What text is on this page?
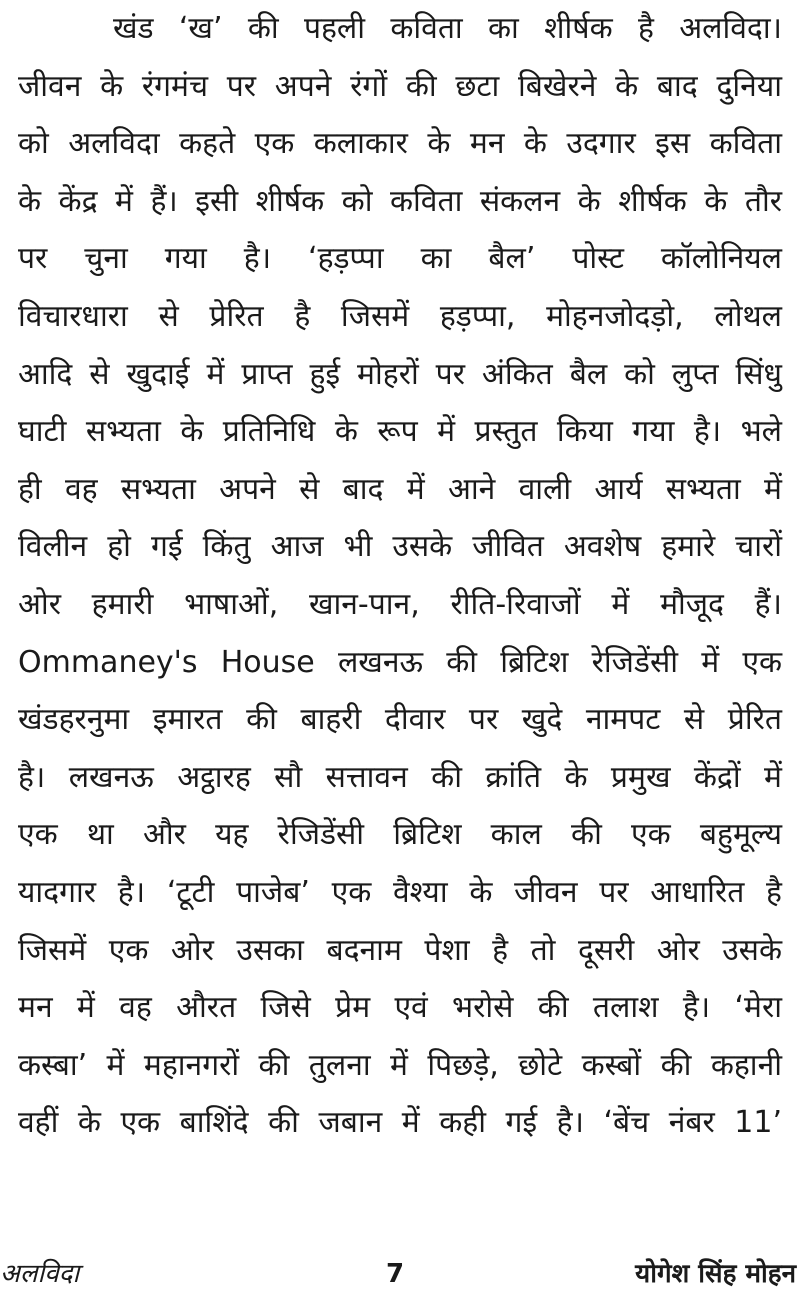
खंड ‘ख’ की पहली कविता का शीर्षक है अलविदा।
जीवन के रंगमंच पर अपने रंगों की छटा बिखेरने के बाद दुनिया
को अलविदा कहते एक कलाकार के मन के उदगार इस कविता
के केंद्र में हैं। इसी शीर्षक को कविता संकलन के शीर्षक के तौर
पर चुना गया है। ‘हड़प्पा का बैल’ पोस्ट कॉलोनियल
विचारधारा से प्रेरित है जिसमें हड़प्पा, मोहनजोदड़ो, लोथल
आदि से खुदाई में प्राप्त हुई मोहरों पर अंकित बैल को लुप्त सिंधु
घाटी सभ्यता के प्रतिनिधि के रूप में प्रस्तुत किया गया है। भले
ही वह सभ्यता अपने से बाद में आने वाली आर्य सभ्यता में
विलीन हो गई किंतु आज भी उसके जीवित अवशेष हमारे चारों
ओर हमारी भाषाओं, खान-पान, रीति-रिवाजों में मौजूद हैं।
Ommaney's House लखनऊ की ब्रिटिश रेजिडेंसी में एक
खंडहरनुमा इमारत की बाहरी दीवार पर खुदे नामपट से प्रेरित
है। लखनऊ अट्ठारह सौ सत्तावन की क्रांति के प्रमुख केंद्रों में
एक था और यह रेजिडेंसी ब्रिटिश काल की एक बहुमूल्य
यादगार है। ‘टूटी पाजेब’ एक वैश्या के जीवन पर आधारित है
जिसमें एक ओर उसका बदनाम पेशा है तो दूसरी ओर उसके
मन में वह औरत जिसे प्रेम एवं भरोसे की तलाश है। ‘मेरा
कस्बा’ में महानगरों की तुलना में पिछड़े, छोटे कस्बों की कहानी
वहीं के एक बाशिंदे की जबान में कही गई है। ‘बेंच नंबर 11’
अलविदा	7	योगेश सिंह मोहन
